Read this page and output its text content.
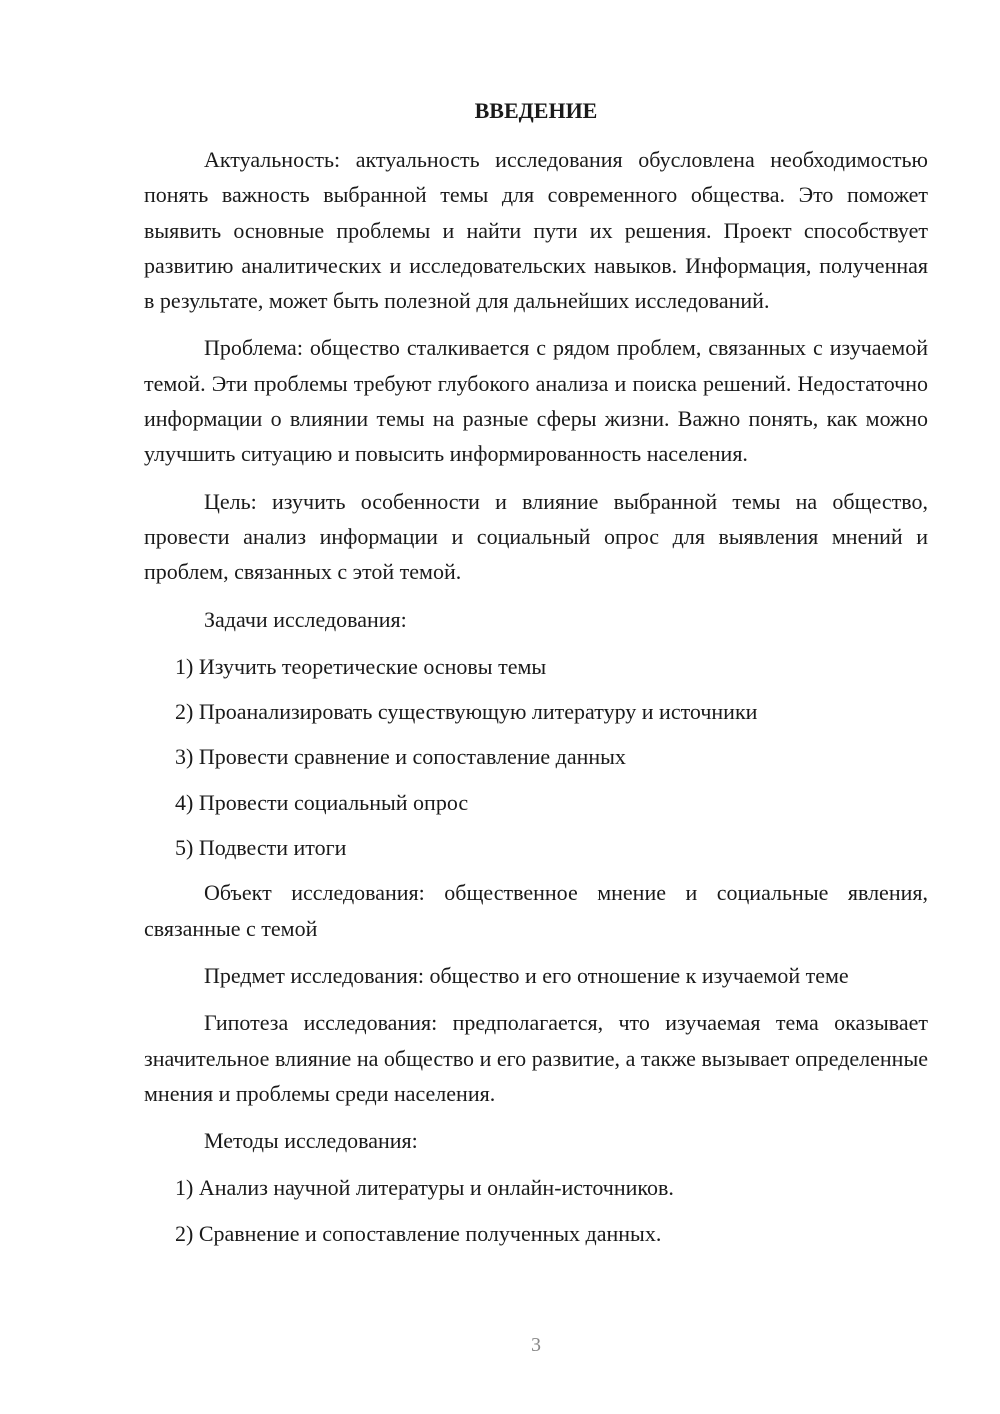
ВВЕДЕНИЕ

Актуальность: актуальность исследования обусловлена необходимостью понять важность выбранной темы для современного общества. Это поможет выявить основные проблемы и найти пути их решения. Проект способствует развитию аналитических и исследовательских навыков. Информация, полученная в результате, может быть полезной для дальнейших исследований.

Проблема: общество сталкивается с рядом проблем, связанных с изучаемой темой. Эти проблемы требуют глубокого анализа и поиска решений. Недостаточно информации о влиянии темы на разные сферы жизни. Важно понять, как можно улучшить ситуацию и повысить информированность населения.

Цель: изучить особенности и влияние выбранной темы на общество, провести анализ информации и социальный опрос для выявления мнений и проблем, связанных с этой темой.

Задачи исследования:

1) Изучить теоретические основы темы

2) Проанализировать существующую литературу и источники

3) Провести сравнение и сопоставление данных

4) Провести социальный опрос

5) Подвести итоги

Объект исследования: общественное мнение и социальные явления, связанные с темой

Предмет исследования: общество и его отношение к изучаемой теме

Гипотеза исследования: предполагается, что изучаемая тема оказывает значительное влияние на общество и его развитие, а также вызывает определенные мнения и проблемы среди населения.

Методы исследования:

1) Анализ научной литературы и онлайн-источников.

2) Сравнение и сопоставление полученных данных.

3
